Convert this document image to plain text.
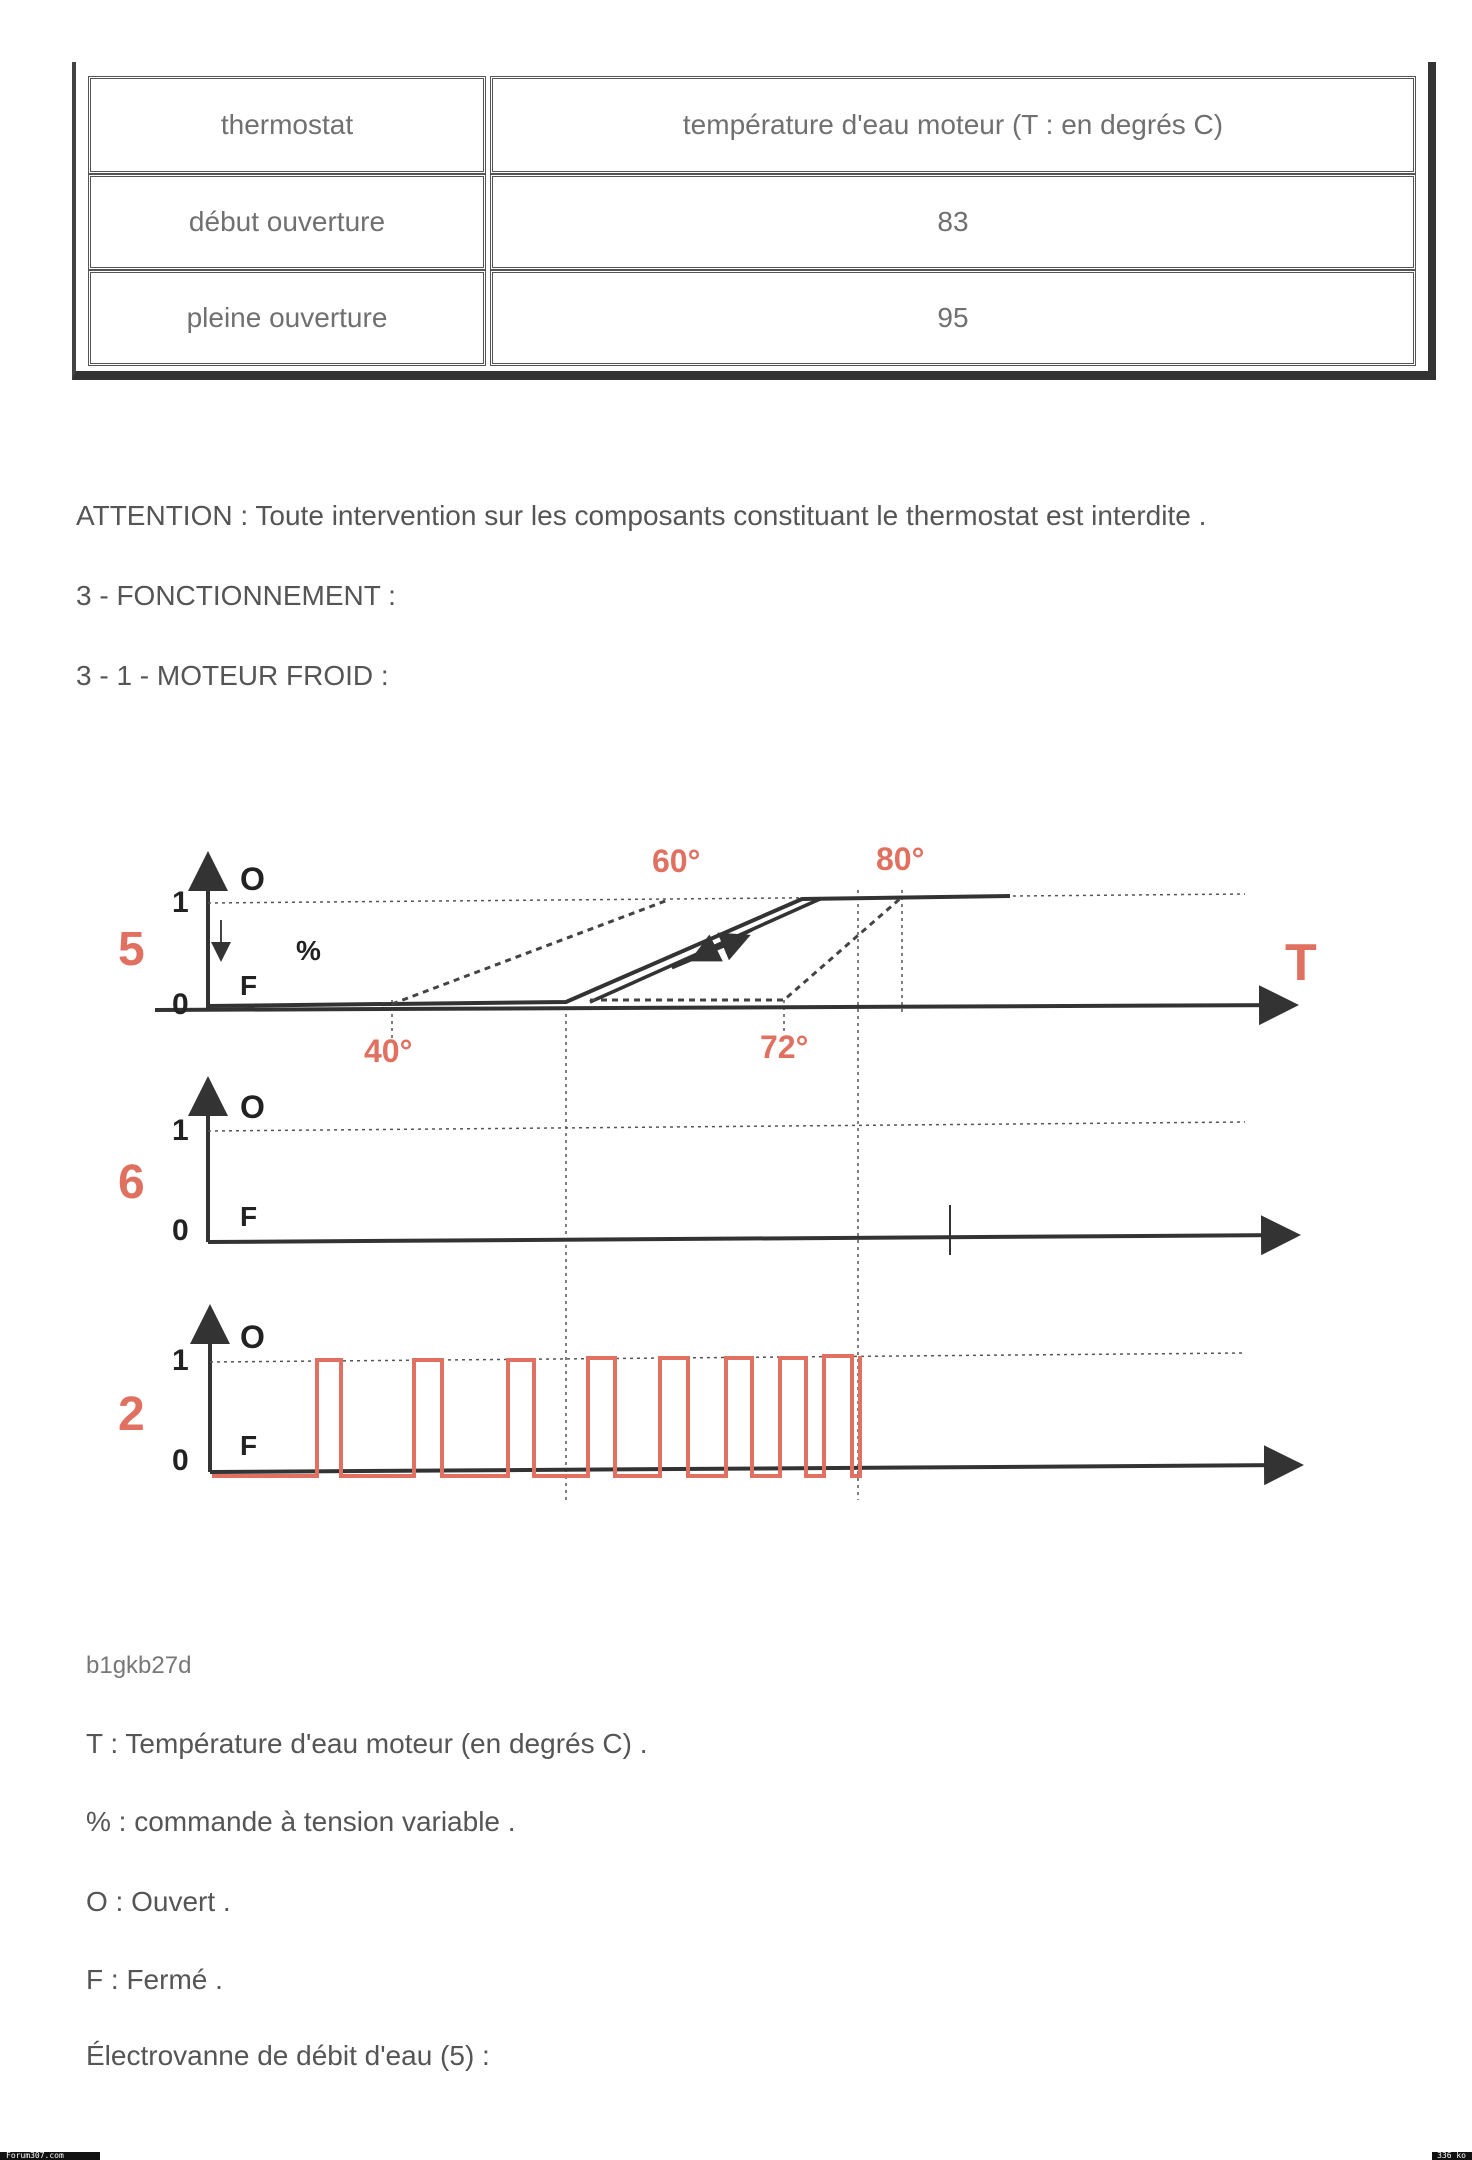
thermostat	température d'eau moteur (T : en degrés C)
début ouverture	83
pleine ouverture	95
ATTENTION : Toute intervention sur les composants constituant le thermostat est interdite .
3 - FONCTIONNEMENT :
3 - 1 - MOTEUR FROID :
5
1
0
O
F
%	T
60°	80°
40°	72°
6
1
0
O
F
2
1
0
O
F
b1gkb27d
T : Température d'eau moteur (en degrés C) .
% : commande à tension variable .
O : Ouvert .
F : Fermé .
Électrovanne de débit d'eau (5) :
Forum307.com	336 ko
